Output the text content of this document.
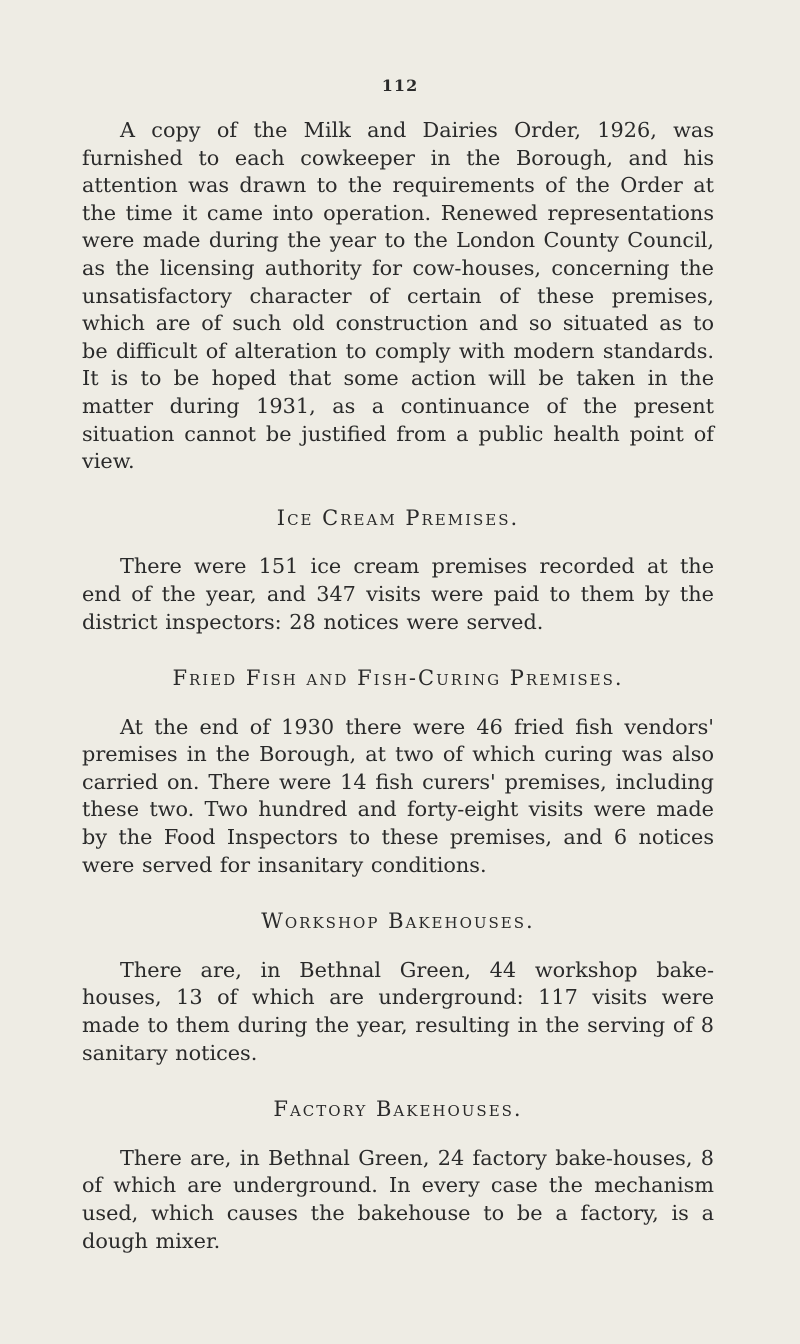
112

A copy of the Milk and Dairies Order, 1926, was furnished to each cowkeeper in the Borough, and his attention was drawn to the requirements of the Order at the time it came into operation. Renewed representations were made during the year to the London County Council, as the licensing authority for cow-houses, concerning the unsatisfactory character of certain of these premises, which are of such old construction and so situated as to be difficult of alteration to comply with modern standards. It is to be hoped that some action will be taken in the matter during 1931, as a continuance of the present situation cannot be justified from a public health point of view.

Ice Cream Premises.

There were 151 ice cream premises recorded at the end of the year, and 347 visits were paid to them by the district inspectors: 28 notices were served.

Fried Fish and Fish-Curing Premises.

At the end of 1930 there were 46 fried fish vendors' premises in the Borough, at two of which curing was also carried on. There were 14 fish curers' premises, including these two. Two hundred and forty-eight visits were made by the Food Inspectors to these premises, and 6 notices were served for insanitary conditions.

Workshop Bakehouses.

There are, in Bethnal Green, 44 workshop bake-houses, 13 of which are underground: 117 visits were made to them during the year, resulting in the serving of 8 sanitary notices.

Factory Bakehouses.

There are, in Bethnal Green, 24 factory bake-houses, 8 of which are underground. In every case the mechanism used, which causes the bakehouse to be a factory, is a dough mixer.
